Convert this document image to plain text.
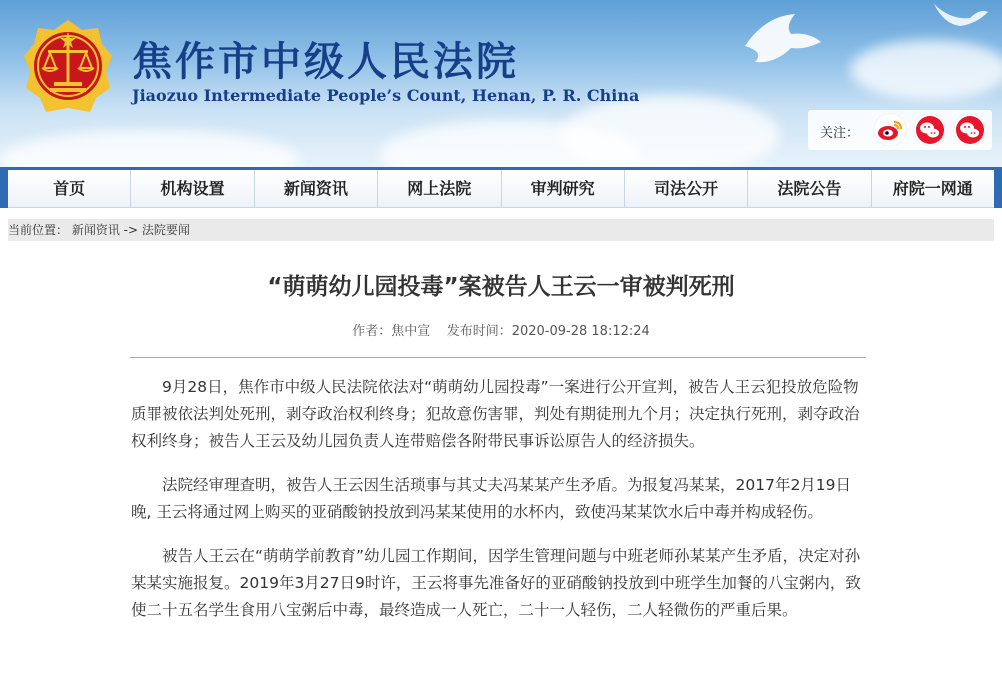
焦作市中级人民法院
Jiaozuo Intermediate People’s Count, Henan, P. R. China
关注：
首页	机构设置	新闻资讯	网上法院	审判研究	司法公开	法院公告	府院一网通
当前位置： 新闻资讯 -> 法院要闻
“萌萌幼儿园投毒”案被告人王云一审被判死刑
作者：焦中宣    发布时间：2020-09-28 18:12:24

9月28日，焦作市中级人民法院依法对“萌萌幼儿园投毒”一案进行公开宣判，被告人王云犯投放危险物质罪被依法判处死刑，剥夺政治权利终身；犯故意伤害罪，判处有期徒刑九个月；决定执行死刑，剥夺政治权利终身；被告人王云及幼儿园负责人连带赔偿各附带民事诉讼原告人的经济损失。

法院经审理查明，被告人王云因生活琐事与其丈夫冯某某产生矛盾。为报复冯某某，2017年2月19日晚, 王云将通过网上购买的亚硝酸钠投放到冯某某使用的水杯内，致使冯某某饮水后中毒并构成轻伤。

被告人王云在“萌萌学前教育”幼儿园工作期间，因学生管理问题与中班老师孙某某产生矛盾，决定对孙某某实施报复。2019年3月27日9时许，王云将事先准备好的亚硝酸钠投放到中班学生加餐的八宝粥内，致使二十五名学生食用八宝粥后中毒，最终造成一人死亡，二十一人轻伤，二人轻微伤的严重后果。
